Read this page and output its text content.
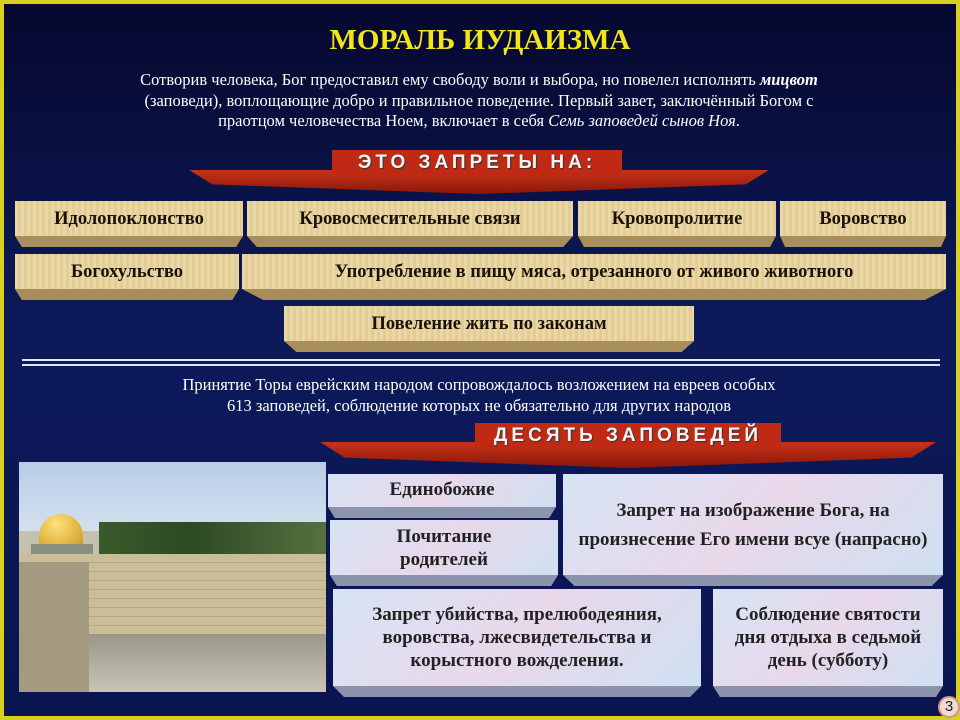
МОРАЛЬ ИУДАИЗМА
Сотворив человека, Бог предоставил ему свободу воли и выбора, но повелел исполнять мицвот
(заповеди), воплощающие добро и правильное поведение. Первый завет, заключённый Богом с
праотцом человечества Ноем, включает в себя Семь заповедей сынов Ноя.
ЭТО ЗАПРЕТЫ НА:
Идолопоклонство	Кровосмесительные связи	Кровопролитие	Воровство
Богохульство	Употребление в пищу мяса, отрезанного от живого животного
Повеление жить по законам
Принятие Торы еврейским народом сопровождалось возложением на евреев особых
613 заповедей, соблюдение которых не обязательно для других народов
ДЕСЯТЬ ЗАПОВЕДЕЙ
Единобожие
Почитание родителей
Запрет на изображение Бога, на произнесение Его имени всуе (напрасно)
Запрет убийства, прелюбодеяния, воровства, лжесвидетельства и корыстного вожделения.
Соблюдение святости дня отдыха в седьмой день (субботу)
3
